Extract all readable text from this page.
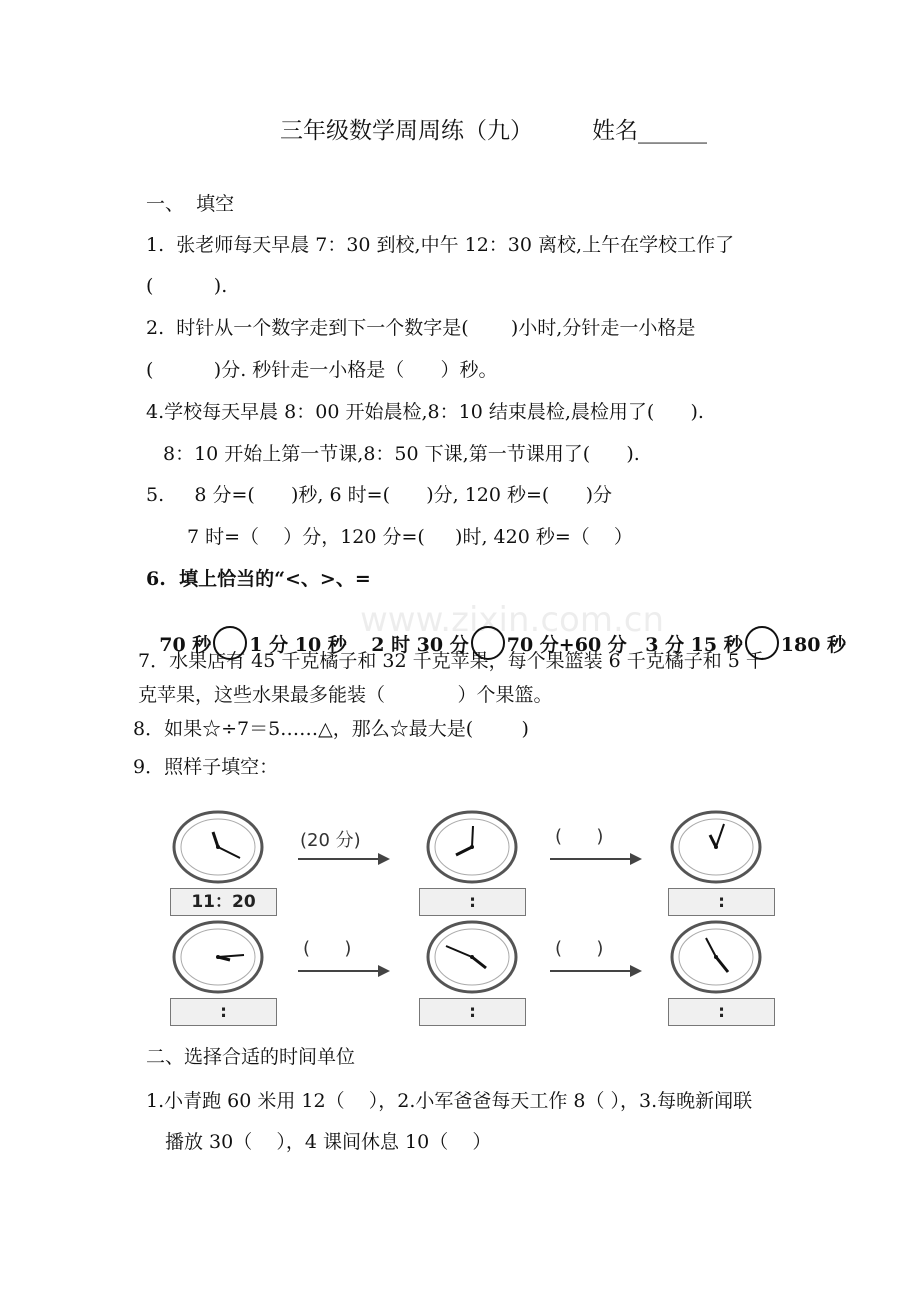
www.zixin.com.cn
三年级数学周周练（九）	姓名______
一、  填空
1.  张老师每天早晨 7：30 到校,中午 12：30 离校,上午在学校工作了
(          ).
2.  时针从一个数字走到下一个数字是(       )小时,分针走一小格是
(          )分. 秒针走一小格是（      ）秒。
4.学校每天早晨 8：00 开始晨检,8：10 结束晨检,晨检用了(      ).
8：10 开始上第一节课,8：50 下课,第一节课用了(      ).
5.     8 分=(      )秒, 6 时=(      )分, 120 秒=(      )分
7 时=（    ）分，120 分=(     )时, 420 秒=（    ）
6.  填上恰当的“<、>、=

70 秒 1 分 10 秒	2 时 30 分 70 分+60 分 3 分 15 秒 180 秒

7．水果店有 45 千克橘子和 32 千克苹果，每个果篮装 6 千克橘子和 5 千
克苹果，这些水果最多能装（            ）个果篮。
8．如果☆÷7＝5……△，那么☆最大是(        )
9．照样子填空：
(20 分)	(      )
11：20	:	:
(      )	(      )
:	:	:
二、选择合适的时间单位
1.小青跑 60 米用 12（    ），2.小军爸爸每天工作 8（ ），3.每晚新闻联
播放 30（    ），4 课间休息 10（    ）
